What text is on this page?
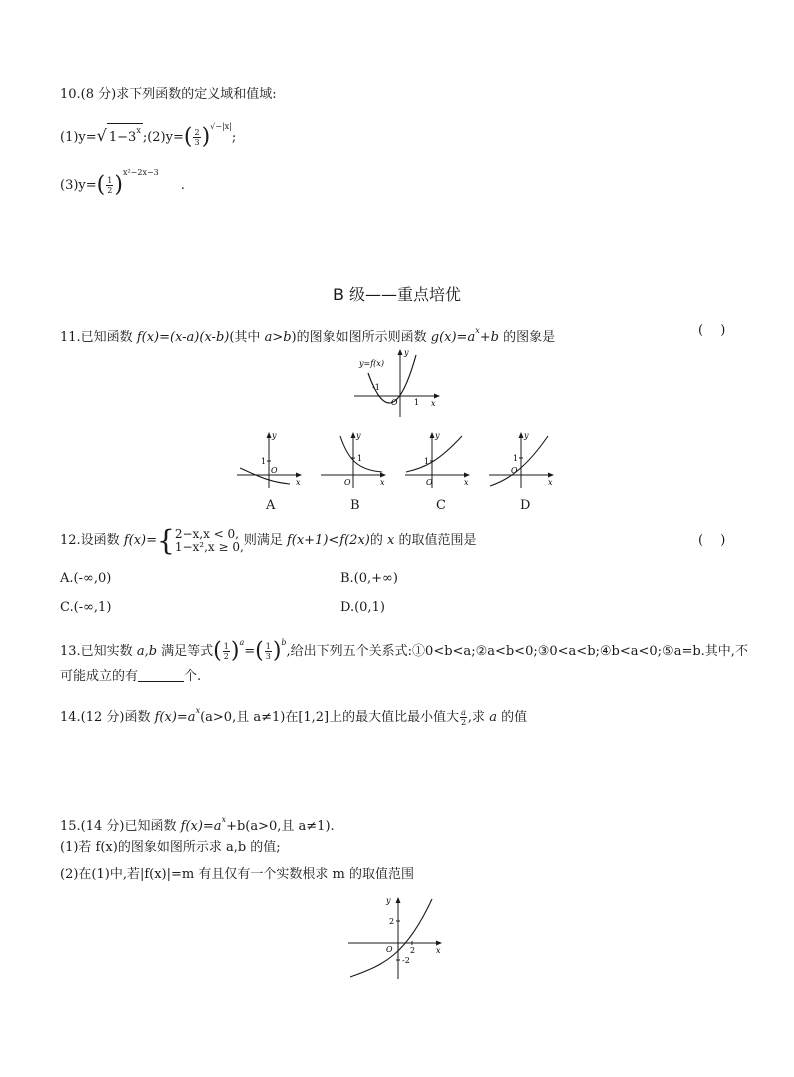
10.(8 分)求下列函数的定义域和值域:
(1)y=√ $1-3^x$ ;(2)y=( $\frac{2}{3} )^{√-|x|}$;
$(3)y=( \frac{1}{2} )^{x^2-2x-3}$.
B 级——重点培优
11.已知函数 f(x)=(x-a)(x-b)(其中 a>b)的图象如图所示则函数 $g(x)=a^x+b$ 的图象是	(　 )
y=f(x)
y
x
O
-1
1
1
O
x
y
A
1
O	x
y
B
1
O	x
y
C
1
O
x
y
D
12.设函数 f(x)= { 2−x,x < 0,
1−x²,x ≥ 0, 则满足 f(x+1)<f(2x)的 x 的取值范围是	(　 )
A.(-∞,0)	B.(0,+∞)
C.(-∞,1)	D.(0,1)
13.已知实数 a,b 满足等式( $\frac{1}{2} )^a=( \frac{1}{3} )^b$,给出下列五个关系式:①0<b<a;②a<b<0;③0<a<b;④b<a<0;⑤a=b.其中,不
可能成立的有	个.
14.(12 分)函数 $f(x)=a^x(a>0$,且 a≠1)在[1,2]上的最大值比最小值大 $\frac{a}{2}$ ,求 a 的值
15.(14 分)已知函数 $f(x)=a^x+b(a>0$,且 a≠1).
(1)若 f(x)的图象如图所示求 a,b 的值;
(2)在(1)中,若|f(x)|=m 有且仅有一个实数根求 m 的取值范围
y
x
O
2
2
-2
